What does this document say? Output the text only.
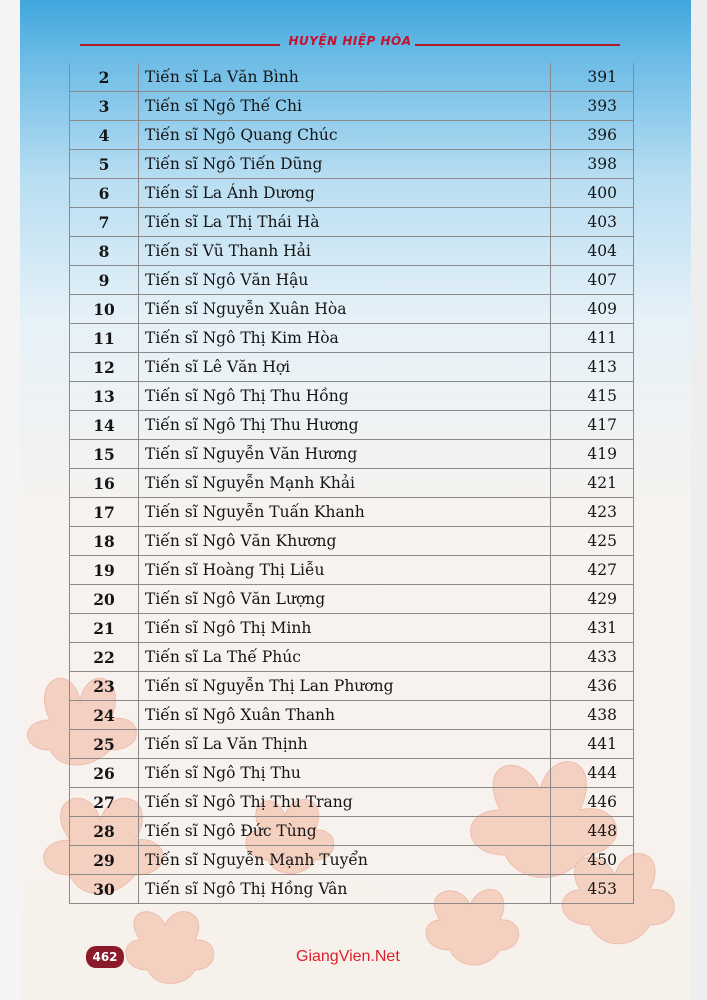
HUYỆN HIỆP HÒA
2	Tiến sĩ La Văn Bình	391
3	Tiến sĩ Ngô Thế Chi	393
4	Tiến sĩ Ngô Quang Chúc	396
5	Tiến sĩ Ngô Tiến Dũng	398
6	Tiến sĩ La Ánh Dương	400
7	Tiến sĩ La Thị Thái Hà	403
8	Tiến sĩ Vũ Thanh Hải	404
9	Tiến sĩ Ngô Văn Hậu	407
10	Tiến sĩ Nguyễn Xuân Hòa	409
11	Tiến sĩ Ngô Thị Kim Hòa	411
12	Tiến sĩ Lê Văn Hợi	413
13	Tiến sĩ Ngô Thị Thu Hồng	415
14	Tiến sĩ Ngô Thị Thu Hương	417
15	Tiến sĩ Nguyễn Văn Hương	419
16	Tiến sĩ Nguyễn Mạnh Khải	421
17	Tiến sĩ Nguyễn Tuấn Khanh	423
18	Tiến sĩ Ngô Văn Khương	425
19	Tiến sĩ Hoàng Thị Liễu	427
20	Tiến sĩ Ngô Văn Lượng	429
21	Tiến sĩ Ngô Thị Minh	431
22	Tiến sĩ La Thế Phúc	433
23	Tiến sĩ Nguyễn Thị Lan Phương	436
24	Tiến sĩ Ngô Xuân Thanh	438
25	Tiến sĩ La Văn Thịnh	441
26	Tiến sĩ Ngô Thị Thu	444
27	Tiến sĩ Ngô Thị Thu Trang	446
28	Tiến sĩ Ngô Đức Tùng	448
29	Tiến sĩ Nguyễn Mạnh Tuyển	450
30	Tiến sĩ Ngô Thị Hồng Vân	453
462	GiangVien.Net
